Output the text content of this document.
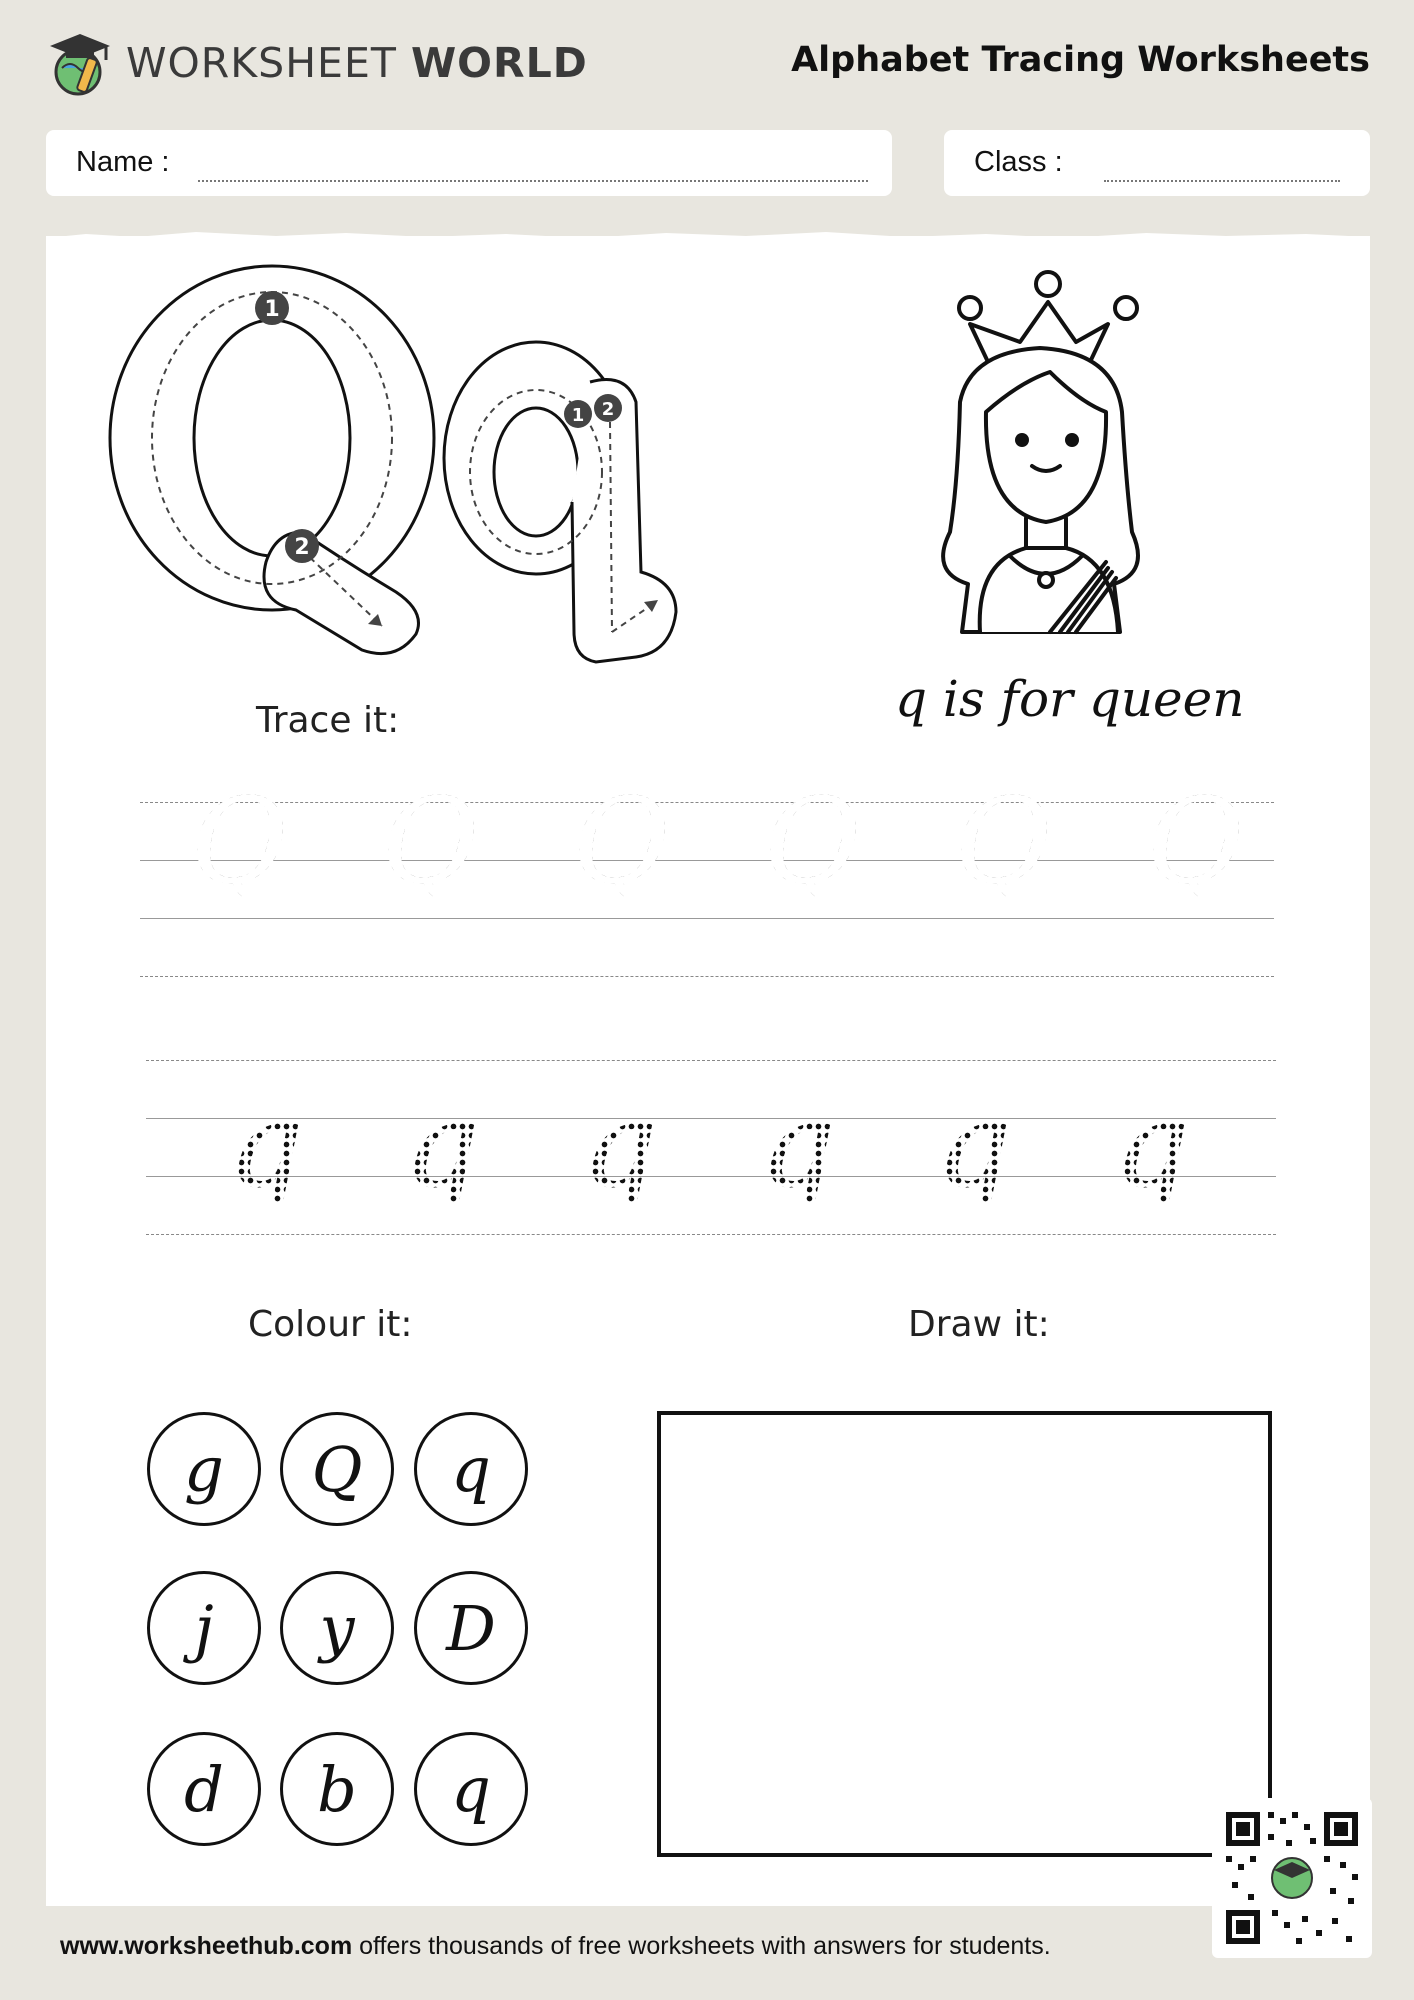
WORKSHEET WORLD	Alphabet Tracing Worksheets
Name :	Class :
1
2
1 2
q is for queen
Trace it:
Q Q Q Q Q Q
q q q q q q
Colour it:
g	Q	q
j	y	D
d	b	q
Draw it:
www.worksheethub.com offers thousands of free worksheets with answers for students.
